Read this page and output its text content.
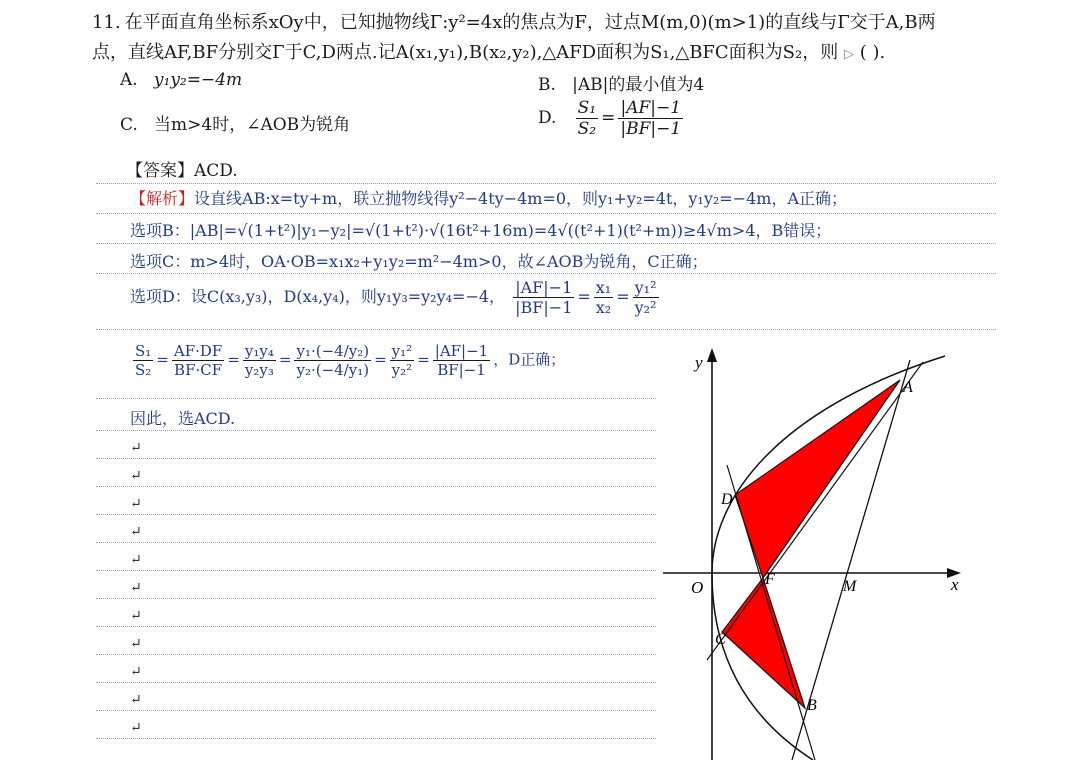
11. 在平面直角坐标系xOy中，已知抛物线Γ:y²=4x的焦点为F，过点M(m,0)(m>1)的直线与Γ交于A,B两
点，直线AF,BF分别交Γ于C,D两点.记A(x₁,y₁),B(x₂,y₂),△AFD面积为S₁,△BFC面积为S₂，则 ▷ ( ).
A. y₁y₂=−4m	B. |AB|的最小值为4
C. 当m>4时，∠AOB为锐角	D. $\frac{\text{S₁}}{\text{S₂}} = \frac{|AF|-1}{|BF|-1}$
【答案】ACD.
【解析】设直线AB:x=ty+m，联立抛物线得y²−4ty−4m=0，则y₁+y₂=4t，y₁y₂=−4m，A正确；
选项B：|AB|=√(1+t²)|y₁−y₂|=√(1+t²)·√(16t²+16m)=4√((t²+1)(t²+m))≥4√m>4，B错误；
选项C：m>4时，OA·OB=x₁x₂+y₁y₂=m²−4m>0，故∠AOB为锐角，C正确；
选项D：设C(x₃,y₃)，D(x₄,y₄)，则y₁y₃=y₂y₄=−4， $\frac{|AF|-1}{|BF|-1} = \frac{\text{x₁}}{\text{x₂}} = \frac{\text{y₁²}}{\text{y₂²}}$
$\frac{\text{S₁}}{\text{S₂}} = \frac{AF\cdot DF}{BF\cdot CF} = \frac{\text{y₁y₄}}{\text{y₂y₃}} = \frac{\text{y₁·(−4/y₂)}}{\text{y₂·(−4/y₁)}} = \frac{\text{y₁²}}{\text{y₂²}} = \frac{|AF|-1}{BF|-1}$ ，D正确；
因此，选ACD.
↵
↵
↵
↵
↵
↵
↵
↵
↵
↵
↵
y
x
O	F	M
A
B
C
D
